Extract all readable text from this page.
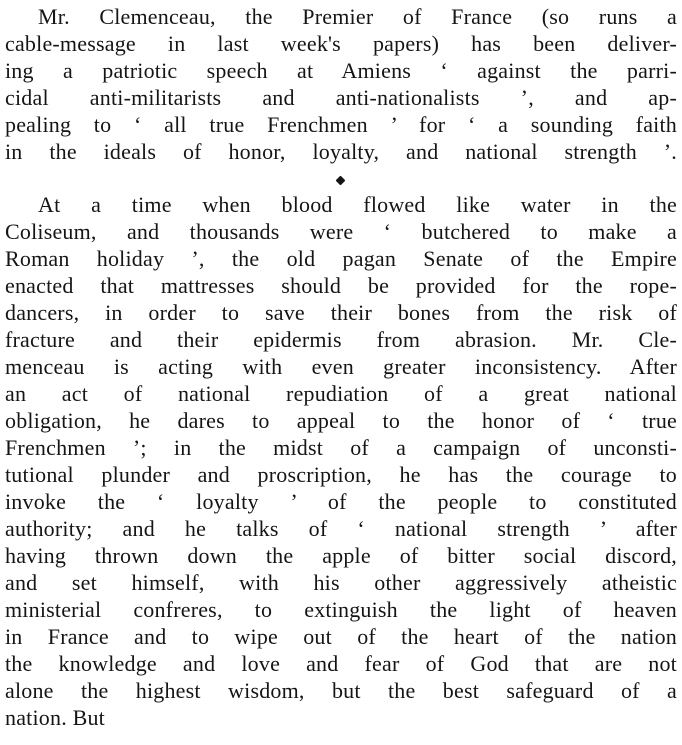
Mr. Clemenceau, the Premier of France (so runs a
cable-message in last week's papers) has been deliver-
ing a patriotic speech at Amiens ‘ against the parri-
cidal anti-militarists and anti-nationalists ’, and ap-
pealing to ‘ all true Frenchmen ’ for ‘ a sounding faith
in the ideals of honor, loyalty, and national strength ’.
At a time when blood flowed like water in the
Coliseum, and thousands were ‘ butchered to make a
Roman holiday ’, the old pagan Senate of the Empire
enacted that mattresses should be provided for the rope-
dancers, in order to save their bones from the risk of
fracture and their epidermis from abrasion. Mr. Cle-
menceau is acting with even greater inconsistency. After
an act of national repudiation of a great national
obligation, he dares to appeal to the honor of ‘ true
Frenchmen ’; in the midst of a campaign of unconsti-
tutional plunder and proscription, he has the courage to
invoke the ‘ loyalty ’ of the people to constituted
authority; and he talks of ‘ national strength ’ after
having thrown down the apple of bitter social discord,
and set himself, with his other aggressively atheistic
ministerial confreres, to extinguish the light of heaven
in France and to wipe out of the heart of the nation
the knowledge and love and fear of God that are not
alone the highest wisdom, but the best safeguard of a
nation. But
